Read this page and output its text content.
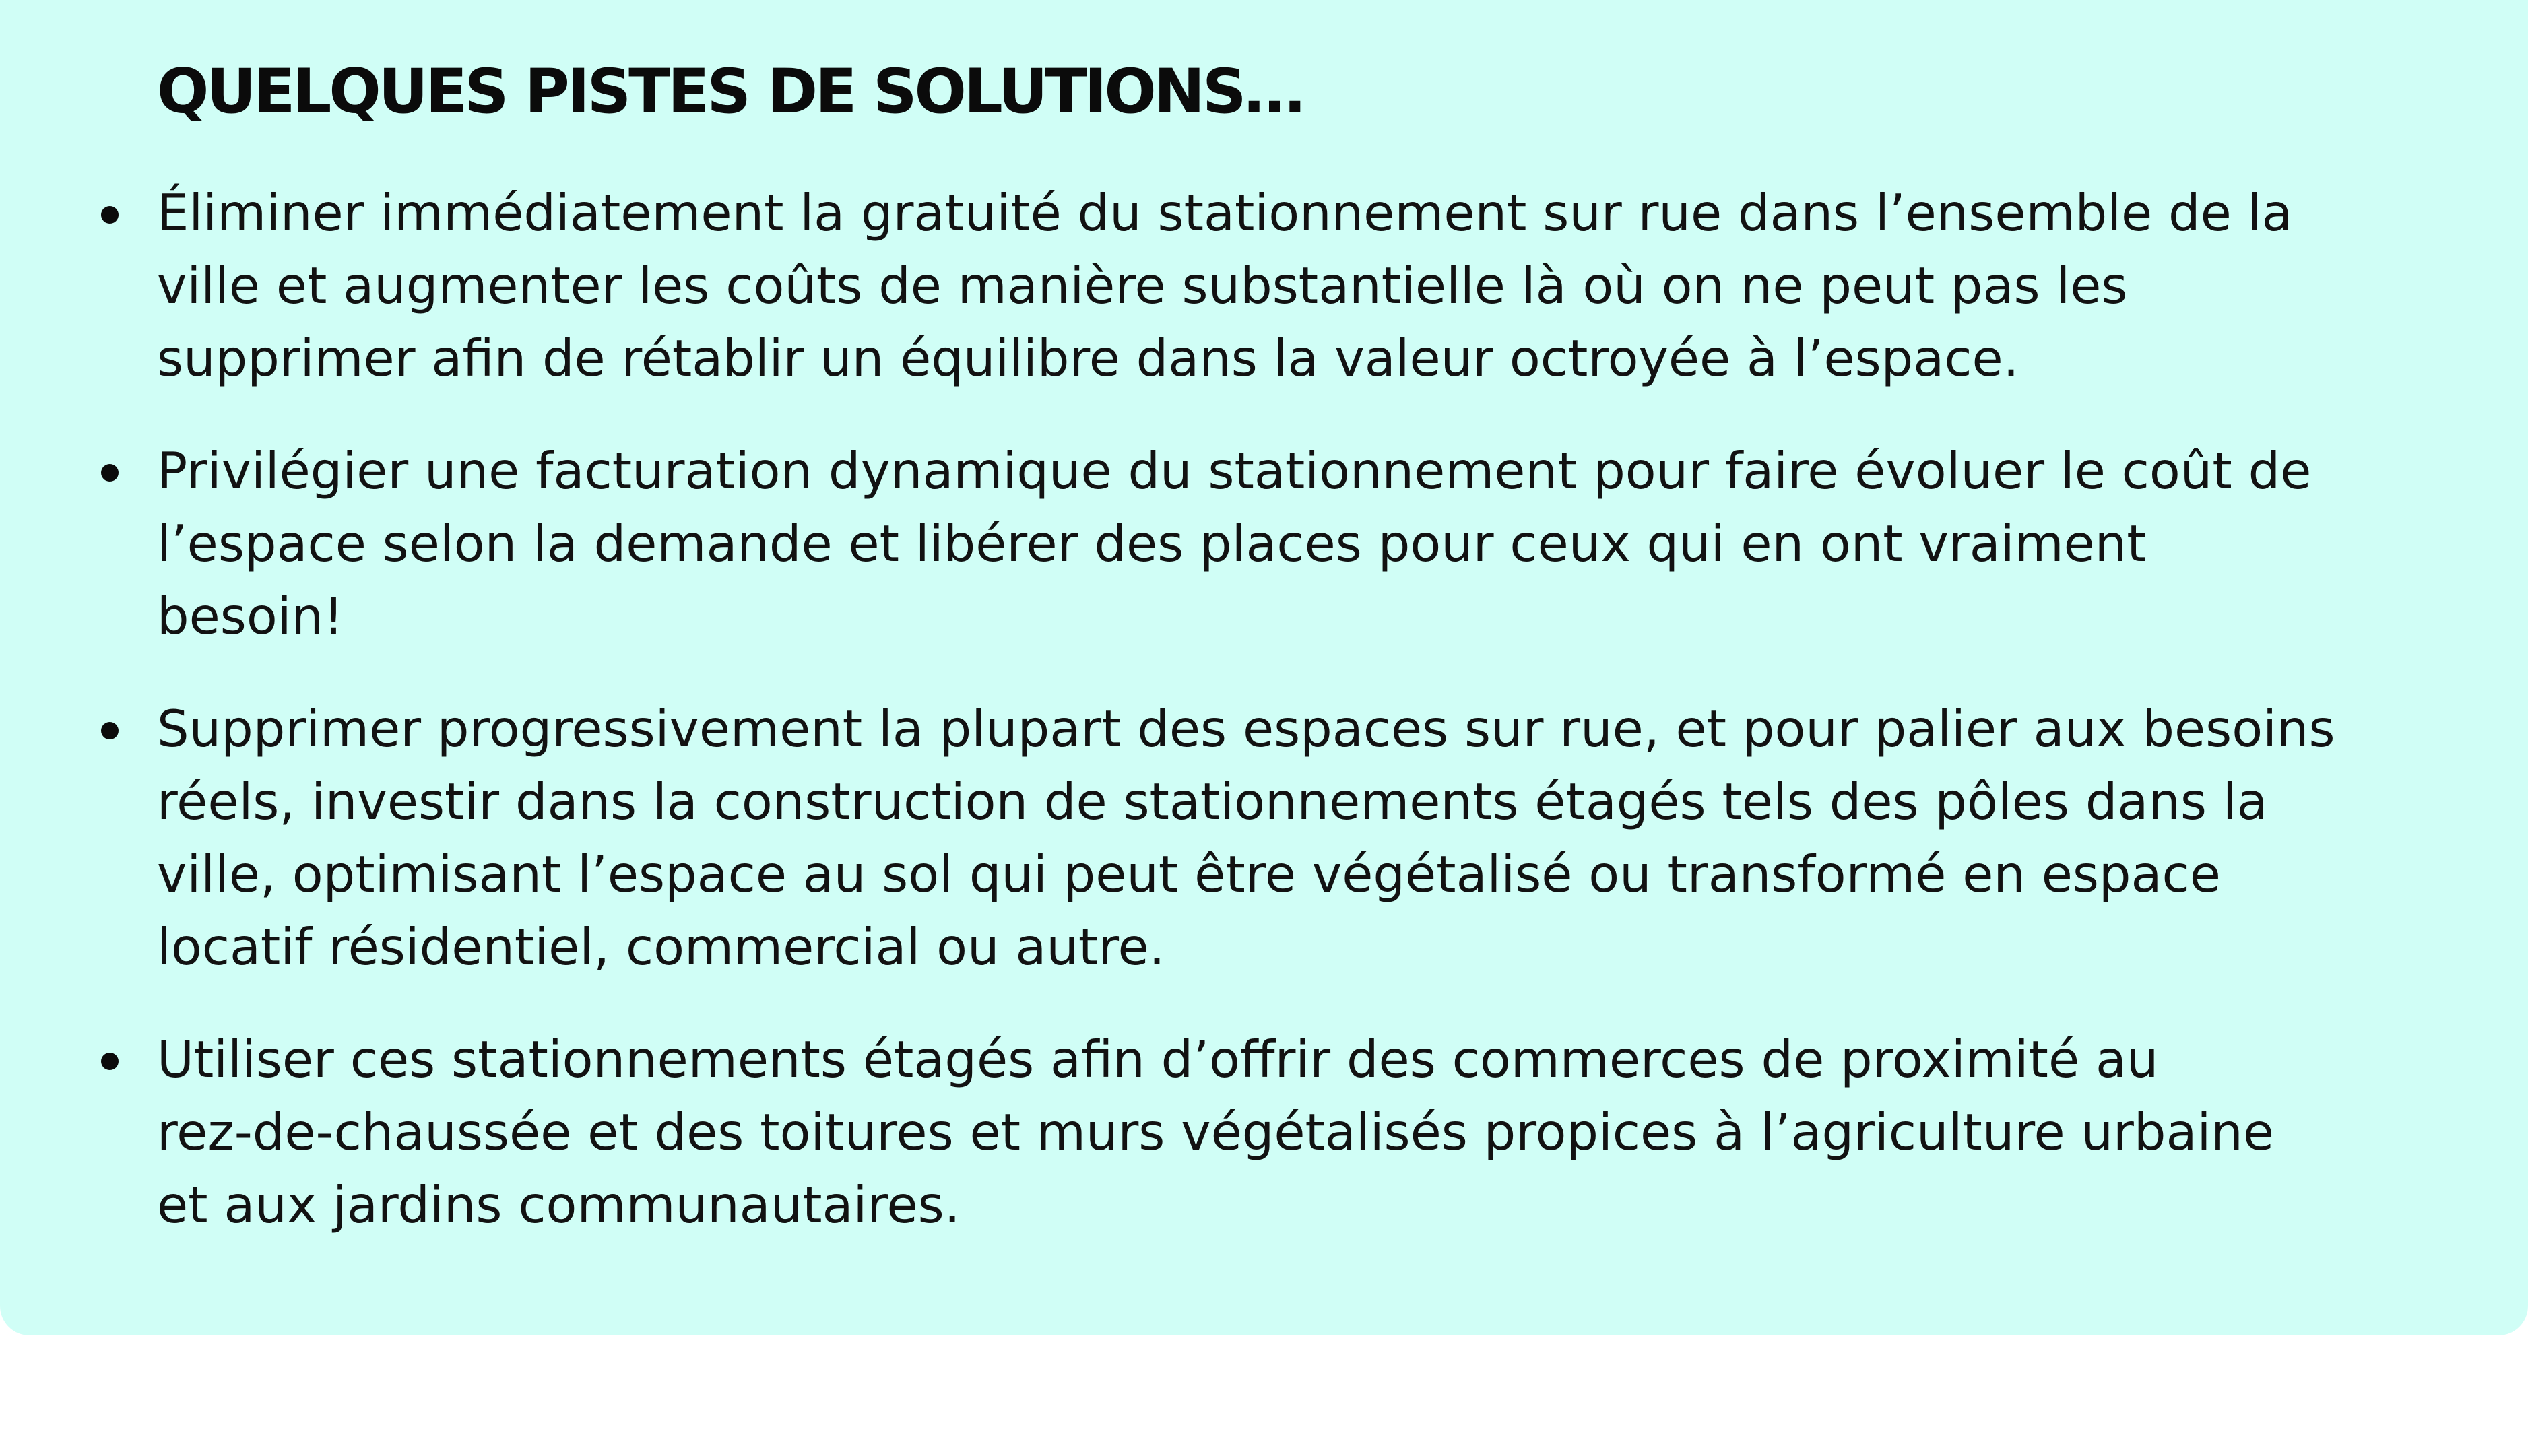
QUELQUES PISTES DE SOLUTIONS…
Éliminer immédiatement la gratuité du stationnement sur rue dans l’ensemble de la
ville et augmenter les coûts de manière substantielle là où on ne peut pas les
supprimer afin de rétablir un équilibre dans la valeur octroyée à l’espace.
Privilégier une facturation dynamique du stationnement pour faire évoluer le coût de
l’espace selon la demande et libérer des places pour ceux qui en ont vraiment
besoin!
Supprimer progressivement la plupart des espaces sur rue, et pour palier aux besoins
réels, investir dans la construction de stationnements étagés tels des pôles dans la
ville, optimisant l’espace au sol qui peut être végétalisé ou transformé en espace
locatif résidentiel, commercial ou autre.
Utiliser ces stationnements étagés afin d’offrir des commerces de proximité au
rez-de-chaussée et des toitures et murs végétalisés propices à l’agriculture urbaine
et aux jardins communautaires.
